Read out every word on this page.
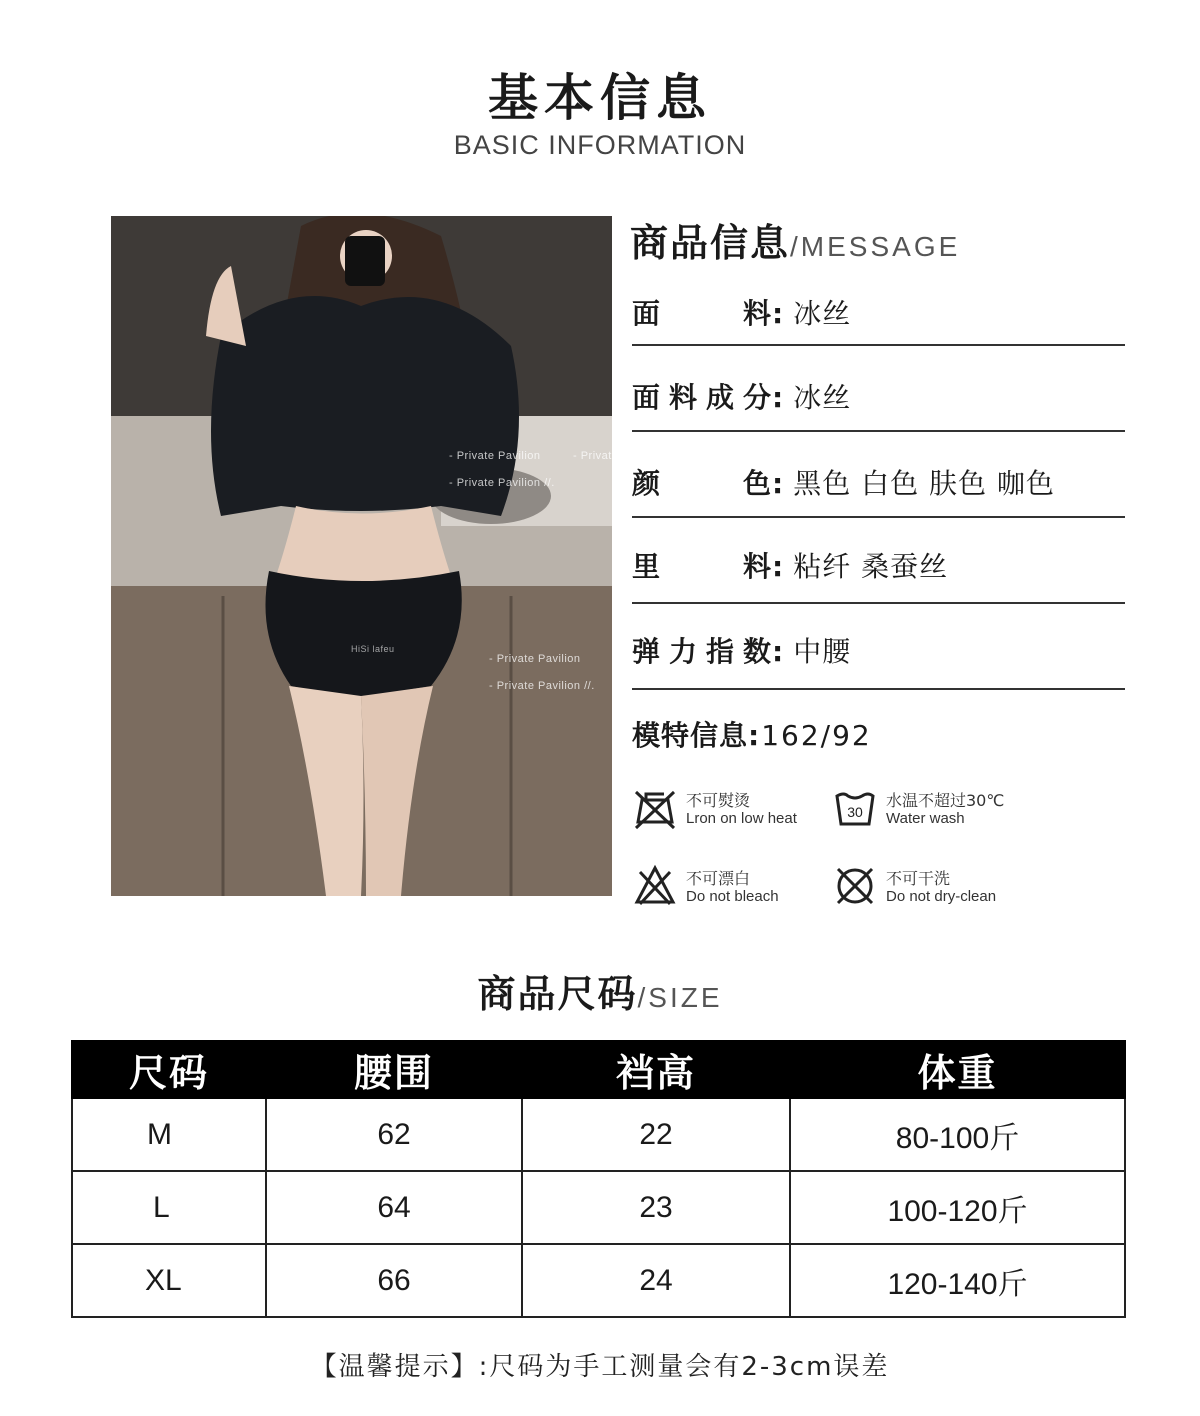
基本信息
BASIC INFORMATION
- Private Pavilion
- Private Pavilion //.
- Privat
- Private Pavilion
- Private Pavilion //.
HiSi lafeu
商品信息/MESSAGE
面料: 冰丝
面料成分: 冰丝
颜色: 黑色 白色 肤色 咖色
里料: 粘纤 桑蚕丝
弹力指数: 中腰
模特信息:162/92
不可熨烫
Lron on low heat	30
水温不超过30℃
Water wash
不可漂白
Do not bleach
不可干洗
Do not dry-clean
商品尺码/SIZE
尺码	腰围	裆高	体重
M	62	22	80-100斤
L	64	23	100-120斤
XL	66	24	120-140斤
【温馨提示】:尺码为手工测量会有2-3cm误差
